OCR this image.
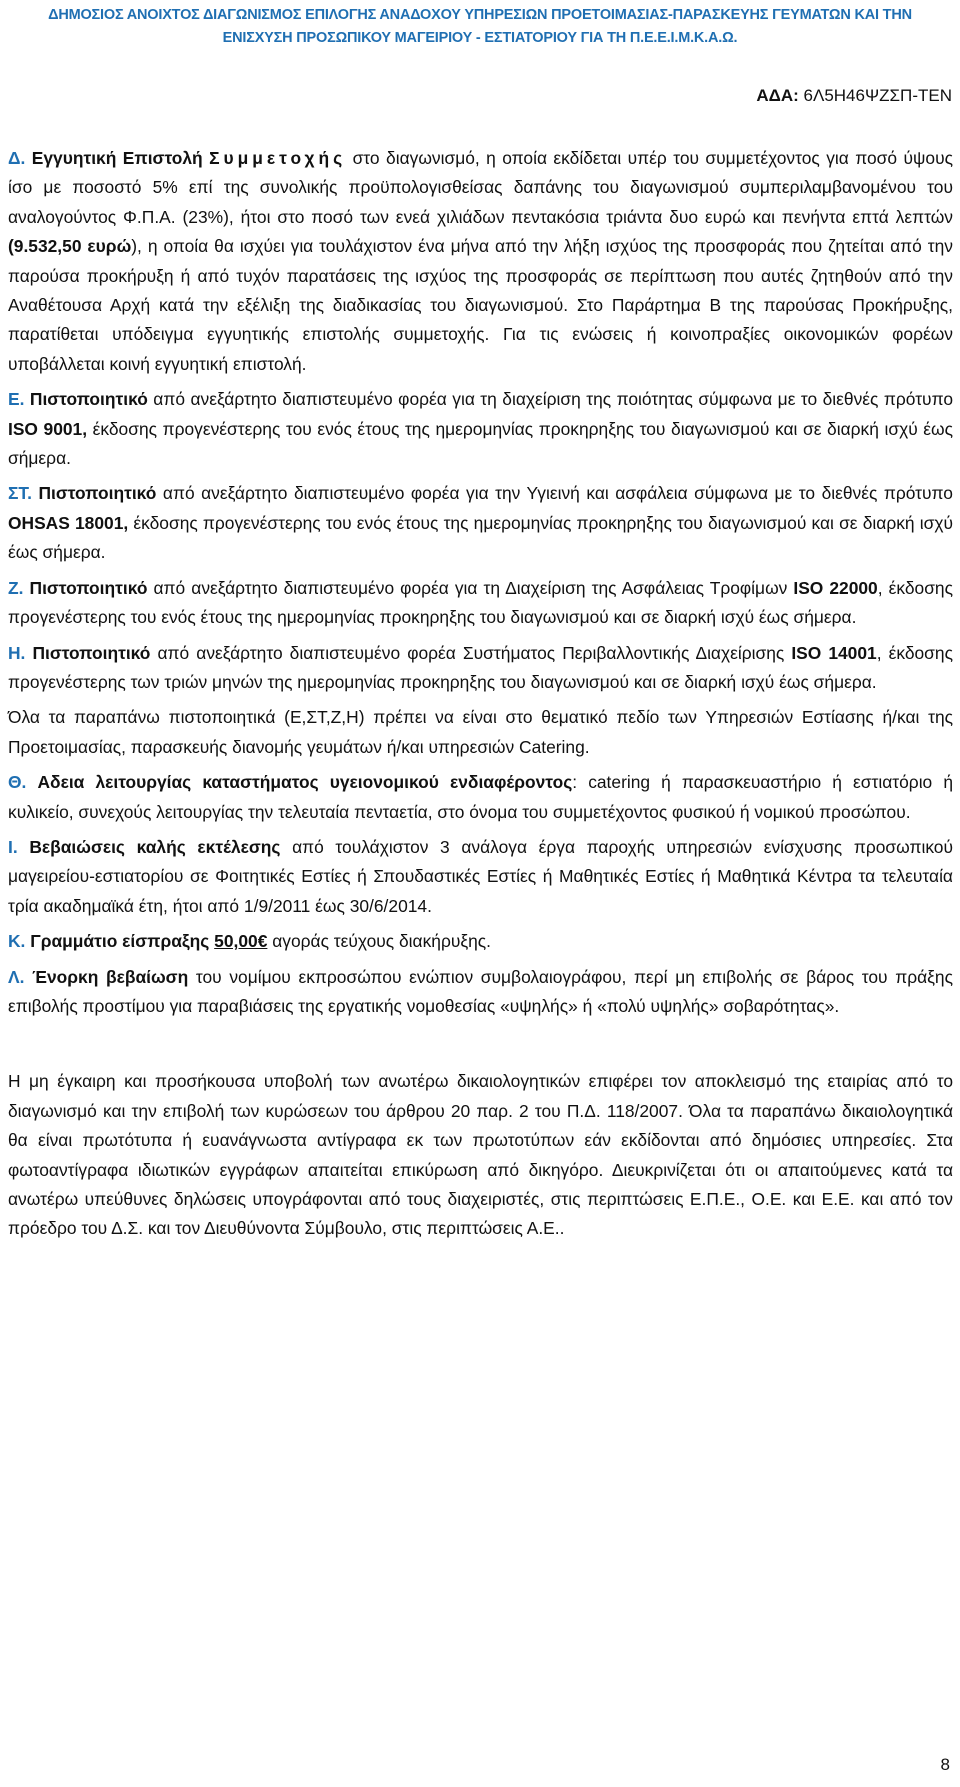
ΔΗΜΟΣΙΟΣ ΑΝΟΙΧΤΟΣ ΔΙΑΓΩΝΙΣΜΟΣ ΕΠΙΛΟΓΗΣ ΑΝΑΔΟΧΟΥ ΥΠΗΡΕΣΙΩΝ ΠΡΟΕΤΟΙΜΑΣΙΑΣ-ΠΑΡΑΣΚΕΥΗΣ ΓΕΥΜΑΤΩΝ ΚΑΙ ΤΗΝ
ΕΝΙΣΧΥΣΗ ΠΡΟΣΩΠΙΚΟΥ ΜΑΓΕΙΡΙΟΥ - ΕΣΤΙΑΤΟΡΙΟΥ ΓΙΑ ΤΗ Π.Ε.Ε.Ι.Μ.Κ.Α.Ω.
ΑΔΑ: 6Λ5Η46ΨΖΣΠ-ΤΕΝ

Δ. Εγγυητική Επιστολή Συμμετοχής στο διαγωνισμό, η οποία εκδίδεται υπέρ του συμμετέχοντος για ποσό ύψους ίσο με ποσοστό 5% επί της συνολικής προϋπολογισθείσας δαπάνης του διαγωνισμού συμπεριλαμβανομένου του αναλογούντος Φ.Π.Α. (23%), ήτοι στο ποσό των ενεά χιλιάδων πεντακόσια τριάντα δυο ευρώ και πενήντα επτά λεπτών (9.532,50 ευρώ), η οποία θα ισχύει για τουλάχιστον ένα μήνα από την λήξη ισχύος της προσφοράς που ζητείται από την παρούσα προκήρυξη ή από τυχόν παρατάσεις της ισχύος της προσφοράς σε περίπτωση που αυτές ζητηθούν από την Αναθέτουσα Αρχή κατά την εξέλιξη της διαδικασίας του διαγωνισμού. Στο Παράρτημα Β της παρούσας Προκήρυξης, παρατίθεται υπόδειγμα εγγυητικής επιστολής συμμετοχής. Για τις ενώσεις ή κοινοπραξίες οικονομικών φορέων υποβάλλεται κοινή εγγυητική επιστολή.

Ε. Πιστοποιητικό από ανεξάρτητο διαπιστευμένο φορέα για τη διαχείριση της ποιότητας σύμφωνα με το διεθνές πρότυπο ISO 9001, έκδοσης προγενέστερης του ενός έτους της ημερομηνίας προκηρηξης του διαγωνισμού και σε διαρκή ισχύ έως σήμερα.

ΣΤ. Πιστοποιητικό από ανεξάρτητο διαπιστευμένο φορέα για την Υγιεινή και ασφάλεια σύμφωνα με το διεθνές πρότυπο OHSAS 18001, έκδοσης προγενέστερης του ενός έτους της ημερομηνίας προκηρηξης του διαγωνισμού και σε διαρκή ισχύ έως σήμερα.

Ζ. Πιστοποιητικό από ανεξάρτητο διαπιστευμένο φορέα για τη Διαχείριση της Ασφάλειας Τροφίμων ISO 22000, έκδοσης προγενέστερης του ενός έτους της ημερομηνίας προκηρηξης του διαγωνισμού και σε διαρκή ισχύ έως σήμερα.

Η. Πιστοποιητικό από ανεξάρτητο διαπιστευμένο φορέα Συστήματος Περιβαλλοντικής Διαχείρισης ISO 14001, έκδοσης προγενέστερης των τριών μηνών της ημερομηνίας προκηρηξης του διαγωνισμού και σε διαρκή ισχύ έως σήμερα.

Όλα τα παραπάνω πιστοποιητικά (Ε,ΣΤ,Ζ,Η) πρέπει να είναι στο θεματικό πεδίο των Υπηρεσιών Εστίασης ή/και της Προετοιμασίας, παρασκευής διανομής γευμάτων ή/και υπηρεσιών Catering.

Θ. Αδεια λειτουργίας καταστήματος υγειονομικού ενδιαφέροντος: catering ή παρασκευαστήριο ή εστιατόριο ή κυλικείο, συνεχούς λειτουργίας την τελευταία πενταετία, στο όνομα του συμμετέχοντος φυσικού ή νομικού προσώπου.

Ι. Βεβαιώσεις καλής εκτέλεσης από τουλάχιστον 3 ανάλογα έργα παροχής υπηρεσιών ενίσχυσης προσωπικού μαγειρείου-εστιατορίου σε Φοιτητικές Εστίες ή Σπουδαστικές Εστίες ή Μαθητικές Εστίες ή Μαθητικά Κέντρα τα τελευταία τρία ακαδημαϊκά έτη, ήτοι από 1/9/2011 έως 30/6/2014.

Κ. Γραμμάτιο είσπραξης 50,00€ αγοράς τεύχους διακήρυξης.

Λ. Ένορκη βεβαίωση του νομίμου εκπροσώπου ενώπιον συμβολαιογράφου, περί μη επιβολής σε βάρος του πράξης επιβολής προστίμου για παραβιάσεις της εργατικής νομοθεσίας «υψηλής» ή «πολύ υψηλής» σοβαρότητας».

Η μη έγκαιρη και προσήκουσα υποβολή των ανωτέρω δικαιολογητικών επιφέρει τον αποκλεισμό της εταιρίας από το διαγωνισμό και την επιβολή των κυρώσεων του άρθρου 20 παρ. 2 του Π.Δ. 118/2007. Όλα τα παραπάνω δικαιολογητικά θα είναι πρωτότυπα ή ευανάγνωστα αντίγραφα εκ των πρωτοτύπων εάν εκδίδονται από δημόσιες υπηρεσίες. Στα φωτοαντίγραφα ιδιωτικών εγγράφων απαιτείται επικύρωση από δικηγόρο. Διευκρινίζεται ότι οι απαιτούμενες κατά τα ανωτέρω υπεύθυνες δηλώσεις υπογράφονται από τους διαχειριστές, στις περιπτώσεις Ε.Π.Ε., Ο.Ε. και Ε.Ε. και από τον πρόεδρο του Δ.Σ. και τον Διευθύνοντα Σύμβουλο, στις περιπτώσεις Α.Ε..

8
